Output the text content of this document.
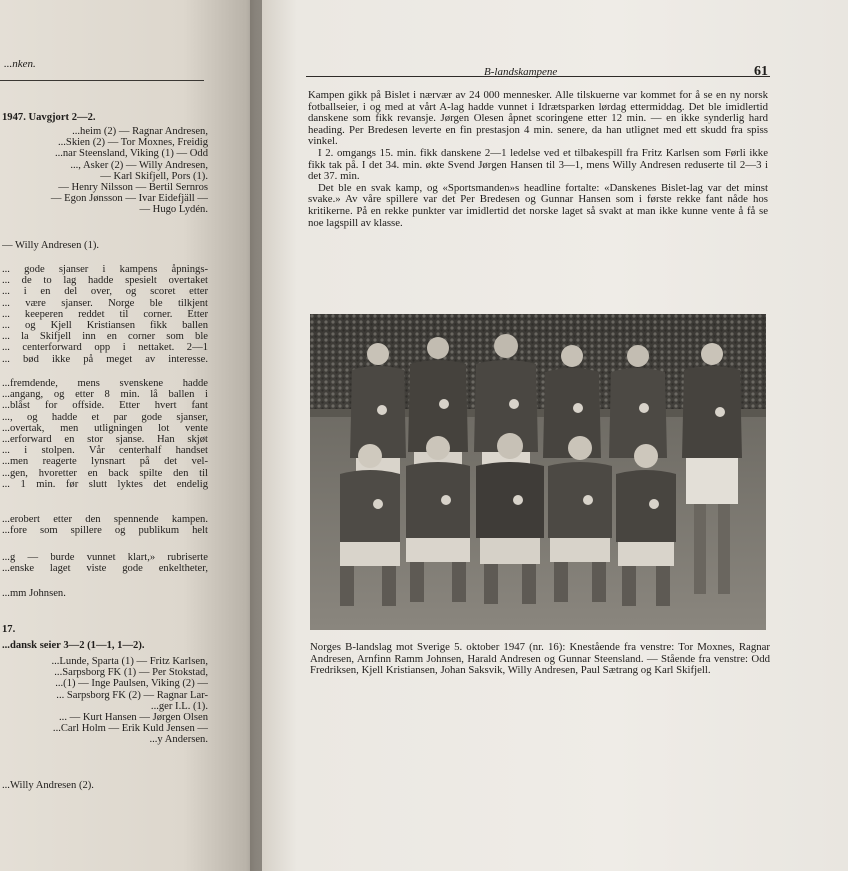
...nken.
1947. Uavgjort 2—2.
...heim (2) — Ragnar Andresen,
...Skien (2) — Tor Moxnes, Freidig
...nar Steensland, Viking (1) — Odd
..., Asker (2) — Willy Andresen,
— Karl Skifjell, Pors (1).
— Henry Nilsson — Bertil Sernros
— Egon Jønsson — Ivar Eidefjäll —
— Hugo Lydén.
— Willy Andresen (1).
... gode sjanser i kampens åpnings-
... de to lag hadde spesielt overtaket
... i en del over, og scoret etter
... være sjanser. Norge ble tilkjent
... keeperen reddet til corner. Etter
... og Kjell Kristiansen fikk ballen
... la Skifjell inn en corner som ble
... centerforward opp i nettaket. 2—1
... bød ikke på meget av interesse.
...fremdende, mens svenskene hadde
...angang, og etter 8 min. lå ballen i
...blåst for offside. Etter hvert fant
..., og hadde et par gode sjanser,
...overtak, men utligningen lot vente
...erforward en stor sjanse. Han skjøt
... i stolpen. Vår centerhalf handset
...men reagerte lynsnart på det vel-
...gen, hvoretter en back spilte den til
... 1 min. før slutt lyktes det endelig
...erobert etter den spennende kampen.
...fore som spillere og publikum helt
...g — burde vunnet klart,» rubriserte
...enske laget viste gode enkeltheter,
...mm Johnsen.
17.
...dansk seier 3—2 (1—1, 1—2).
...Lunde, Sparta (1) — Fritz Karlsen,
...Sarpsborg FK (1) — Per Stokstad,
...(1) — Inge Paulsen, Viking (2) —
... Sarpsborg FK (2) — Ragnar Lar-
...ger I.L. (1).
... — Kurt Hansen — Jørgen Olsen
...Carl Holm — Erik Kuld Jensen —
...y Andersen.
...Willy Andresen (2).
B-landskampene	61

Kampen gikk på Bislet i nærvær av 24 000 mennesker. Alle tilskuerne var kommet for å se en ny norsk fotballseier, i og med at vårt A-lag hadde vunnet i Idrætsparken lørdag ettermiddag. Det ble imidlertid danskene som fikk revansje. Jørgen Olesen åpnet scoringene etter 12 min. — en ikke synderlig hard heading. Per Bredesen leverte en fin prestasjon 4 min. senere, da han utlignet med ett skudd fra spiss vinkel.

I 2. omgangs 15. min. fikk danskene 2—1 ledelse ved et tilbakespill fra Fritz Karlsen som Førli ikke fikk tak på. I det 34. min. økte Svend Jørgen Hansen til 3—1, mens Willy Andresen reduserte til 2—3 i det 37. min.

Det ble en svak kamp, og «Sportsmanden»s headline fortalte: «Danskenes Bislet-lag var det minst svake.» Av våre spillere var det Per Bredesen og Gunnar Hansen som i første rekke fant nåde hos kritikerne. På en rekke punkter var imidlertid det norske laget så svakt at man ikke kunne vente å få se noe lagspill av klasse.

Norges B-landslag mot Sverige 5. oktober 1947 (nr. 16): Knestående fra venstre: Tor Moxnes, Ragnar Andresen, Arnfinn Ramm Johnsen, Harald Andresen og Gunnar Steensland. — Stående fra venstre: Odd Fredriksen, Kjell Kristiansen, Johan Saksvik, Willy Andresen, Paul Sætrang og Karl Skifjell.
